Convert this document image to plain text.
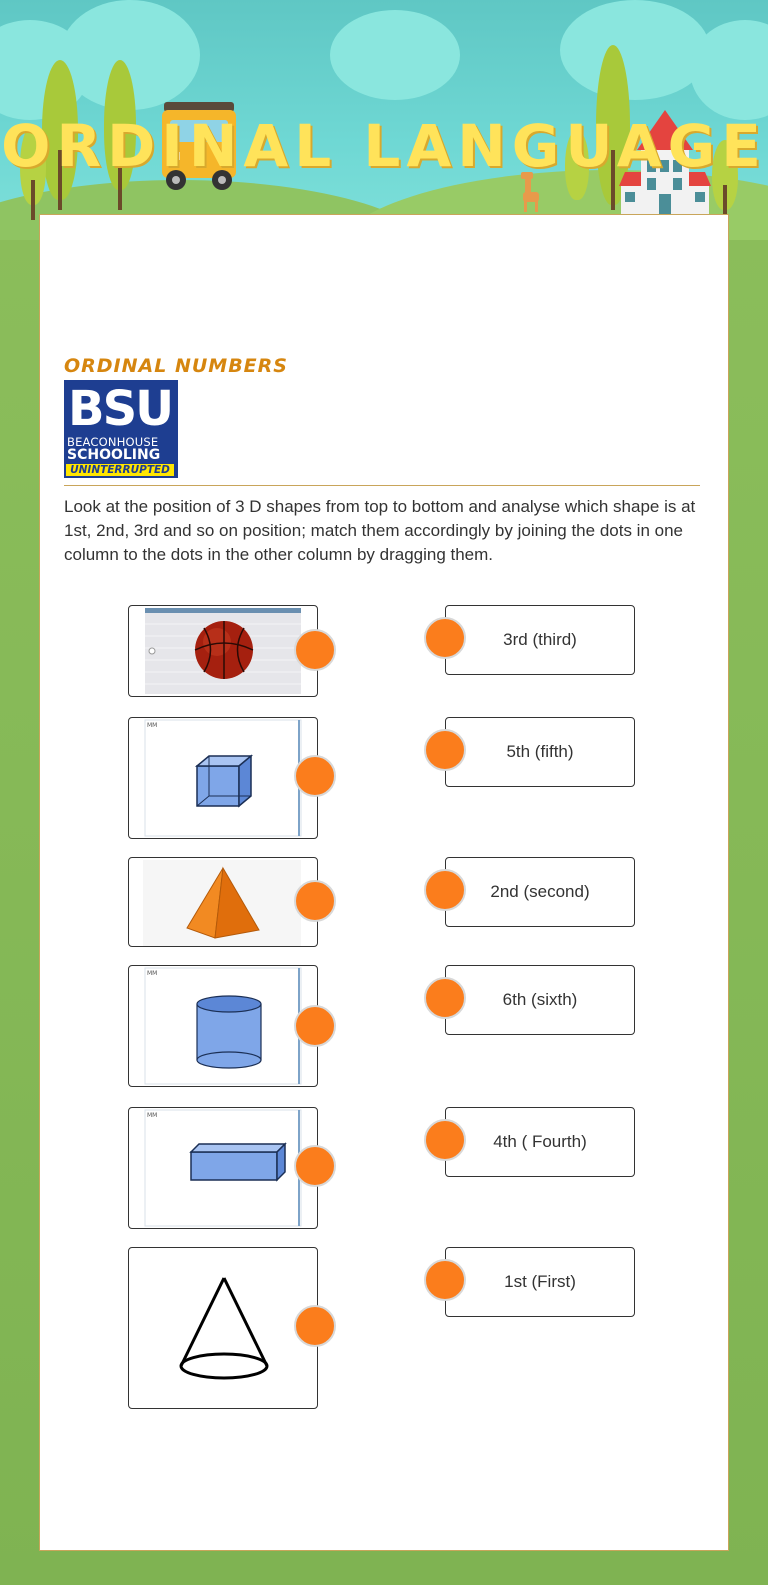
ORDINAL LANGUAGE
ORDINAL NUMBERS
BSU
BEACONHOUSE
SCHOOLING
UNINTERRUPTED
Look at the position of 3 D shapes from top to bottom and analyse which shape is at 1st, 2nd, 3rd and so on position; match them accordingly by joining the dots in one column to the dots in the other column by dragging them.
MM
MM
MM
3rd (third)
5th (fifth)
2nd (second)
6th (sixth)
4th ( Fourth)
1st (First)
